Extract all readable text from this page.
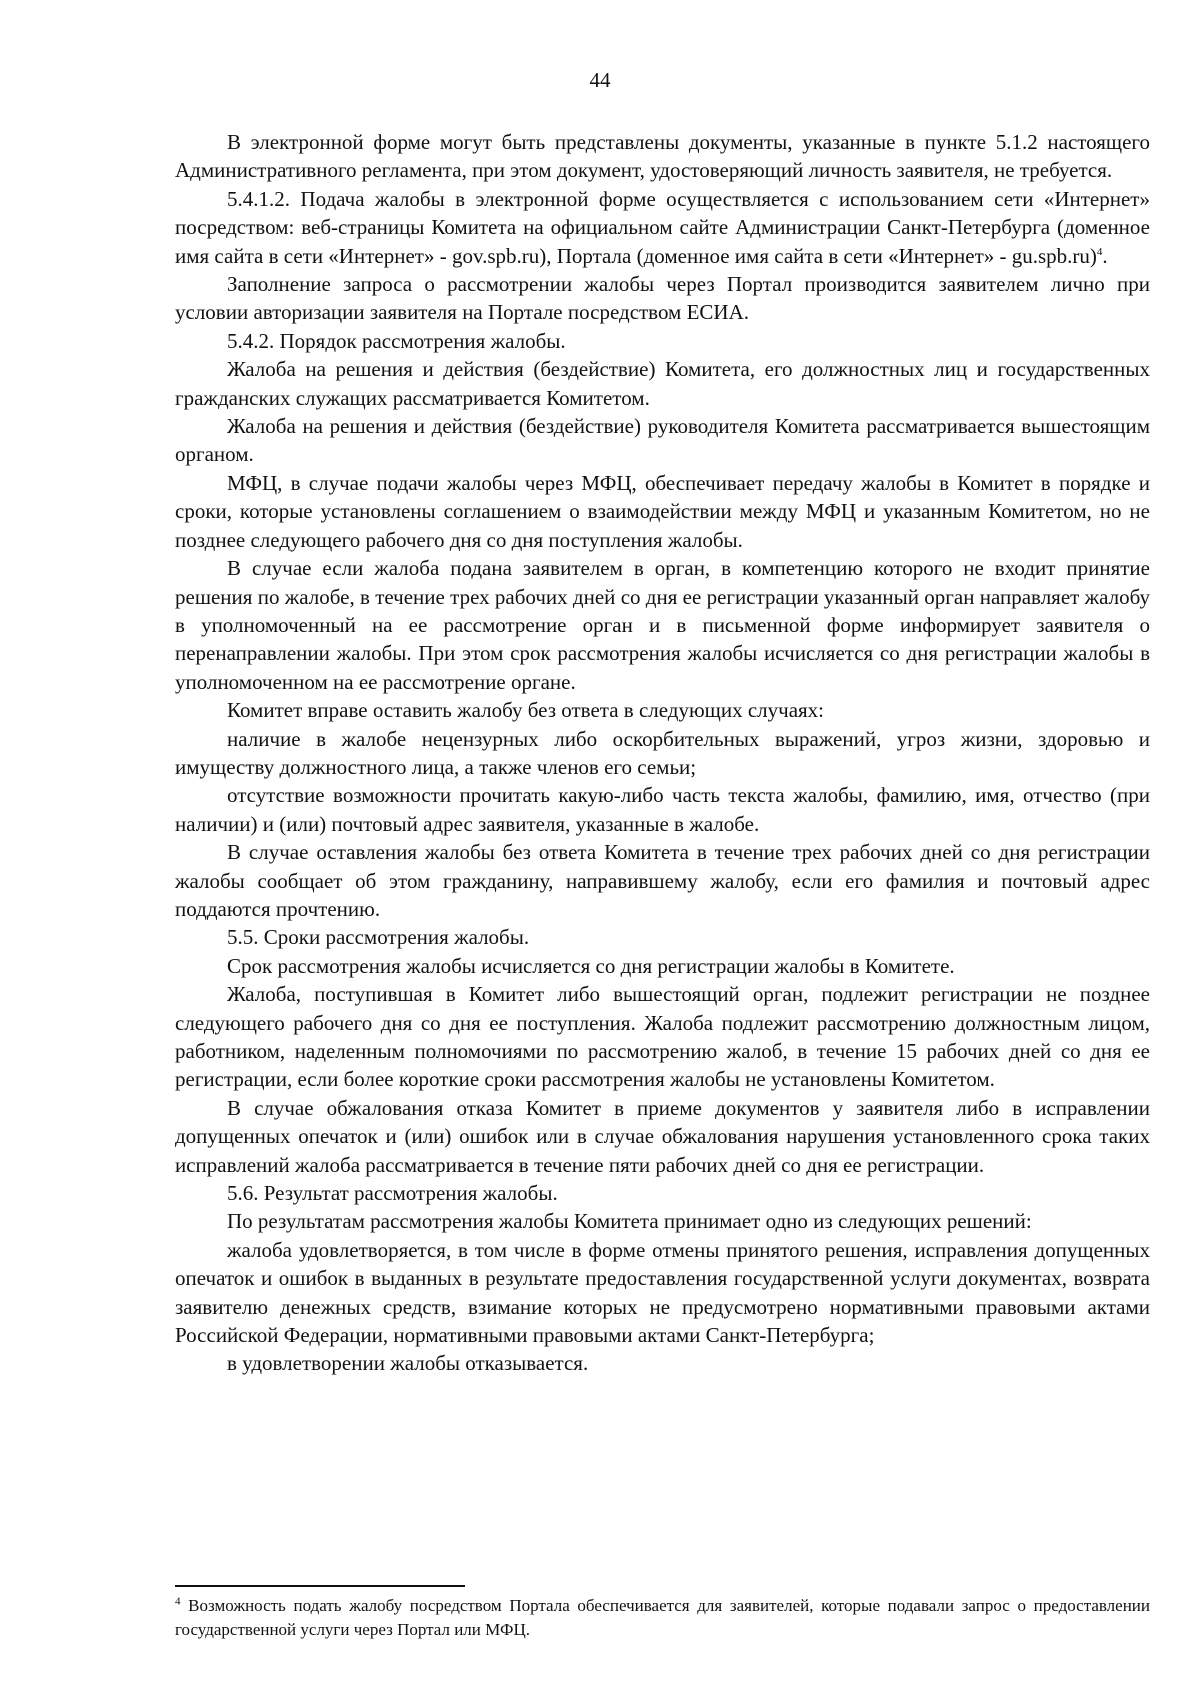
44

В электронной форме могут быть представлены документы, указанные в пункте 5.1.2 настоящего Административного регламента, при этом документ, удостоверяющий личность заявителя, не требуется.

5.4.1.2. Подача жалобы в электронной форме осуществляется с использованием сети «Интернет» посредством: веб-страницы Комитета на официальном сайте Администрации Санкт-Петербурга (доменное имя сайта в сети «Интернет» - gov.spb.ru), Портала (доменное имя сайта в сети «Интернет» - gu.spb.ru)$^4$.

Заполнение запроса о рассмотрении жалобы через Портал производится заявителем лично при условии авторизации заявителя на Портале посредством ЕСИА.

5.4.2. Порядок рассмотрения жалобы.

Жалоба на решения и действия (бездействие) Комитета, его должностных лиц и государственных гражданских служащих рассматривается Комитетом.

Жалоба на решения и действия (бездействие) руководителя Комитета рассматривается вышестоящим органом.

МФЦ, в случае подачи жалобы через МФЦ, обеспечивает передачу жалобы в Комитет в порядке и сроки, которые установлены соглашением о взаимодействии между МФЦ и указанным Комитетом, но не позднее следующего рабочего дня со дня поступления жалобы.

В случае если жалоба подана заявителем в орган, в компетенцию которого не входит принятие решения по жалобе, в течение трех рабочих дней со дня ее регистрации указанный орган направляет жалобу в уполномоченный на ее рассмотрение орган и в письменной форме информирует заявителя о перенаправлении жалобы. При этом срок рассмотрения жалобы исчисляется со дня регистрации жалобы в уполномоченном на ее рассмотрение органе.

Комитет вправе оставить жалобу без ответа в следующих случаях:

наличие в жалобе нецензурных либо оскорбительных выражений, угроз жизни, здоровью и имуществу должностного лица, а также членов его семьи;

отсутствие возможности прочитать какую-либо часть текста жалобы, фамилию, имя, отчество (при наличии) и (или) почтовый адрес заявителя, указанные в жалобе.

В случае оставления жалобы без ответа Комитета в течение трех рабочих дней со дня регистрации жалобы сообщает об этом гражданину, направившему жалобу, если его фамилия и почтовый адрес поддаются прочтению.

5.5. Сроки рассмотрения жалобы.

Срок рассмотрения жалобы исчисляется со дня регистрации жалобы в Комитете.

Жалоба, поступившая в Комитет либо вышестоящий орган, подлежит регистрации не позднее следующего рабочего дня со дня ее поступления. Жалоба подлежит рассмотрению должностным лицом, работником, наделенным полномочиями по рассмотрению жалоб, в течение 15 рабочих дней со дня ее регистрации, если более короткие сроки рассмотрения жалобы не установлены Комитетом.

В случае обжалования отказа Комитет в приеме документов у заявителя либо в исправлении допущенных опечаток и (или) ошибок или в случае обжалования нарушения установленного срока таких исправлений жалоба рассматривается в течение пяти рабочих дней со дня ее регистрации.

5.6. Результат рассмотрения жалобы.

По результатам рассмотрения жалобы Комитета принимает одно из следующих решений:

жалоба удовлетворяется, в том числе в форме отмены принятого решения, исправления допущенных опечаток и ошибок в выданных в результате предоставления государственной услуги документах, возврата заявителю денежных средств, взимание которых не предусмотрено нормативными правовыми актами Российской Федерации, нормативными правовыми актами Санкт-Петербурга;

в удовлетворении жалобы отказывается.

$^4$ Возможность подать жалобу посредством Портала обеспечивается для заявителей, которые подавали запрос о предоставлении государственной услуги через Портал или МФЦ.
